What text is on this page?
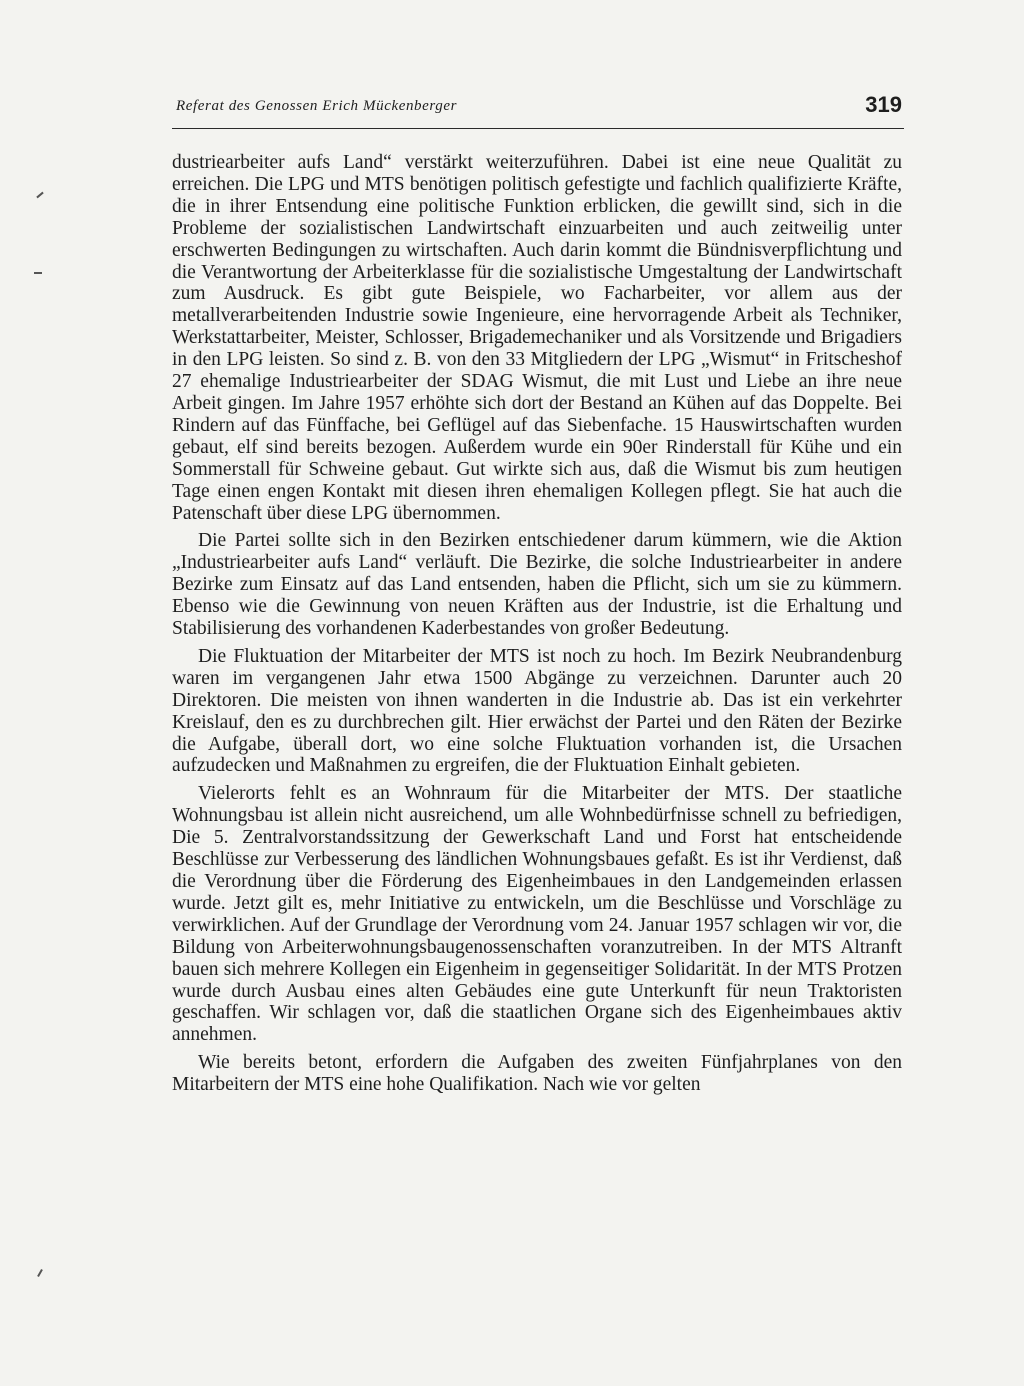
Referat des Genossen Erich Mückenberger	319

dustriearbeiter aufs Land“ verstärkt weiterzuführen. Dabei ist eine neue Qualität zu erreichen. Die LPG und MTS benötigen politisch gefestigte und fachlich qualifizierte Kräfte, die in ihrer Entsendung eine politische Funktion erblicken, die gewillt sind, sich in die Probleme der sozialistischen Landwirtschaft einzuarbeiten und auch zeitweilig unter erschwerten Bedingungen zu wirtschaften. Auch darin kommt die Bündnisverpflichtung und die Verantwortung der Arbeiterklasse für die sozialistische Umgestaltung der Landwirtschaft zum Ausdruck. Es gibt gute Beispiele, wo Facharbeiter, vor allem aus der metallverarbeitenden Industrie sowie Ingenieure, eine hervorragende Arbeit als Techniker, Werkstattarbeiter, Meister, Schlosser, Brigademechaniker und als Vorsitzende und Brigadiers in den LPG leisten. So sind z. B. von den 33 Mitgliedern der LPG „Wismut“ in Fritscheshof 27 ehemalige Industriearbeiter der SDAG Wismut, die mit Lust und Liebe an ihre neue Arbeit gingen. Im Jahre 1957 erhöhte sich dort der Bestand an Kühen auf das Doppelte. Bei Rindern auf das Fünffache, bei Geflügel auf das Siebenfache. 15 Hauswirtschaften wurden gebaut, elf sind bereits bezogen. Außerdem wurde ein 90er Rinderstall für Kühe und ein Sommerstall für Schweine gebaut. Gut wirkte sich aus, daß die Wismut bis zum heutigen Tage einen engen Kontakt mit diesen ihren ehemaligen Kollegen pflegt. Sie hat auch die Patenschaft über diese LPG übernommen.

Die Partei sollte sich in den Bezirken entschiedener darum kümmern, wie die Aktion „Industriearbeiter aufs Land“ verläuft. Die Bezirke, die solche Industriearbeiter in andere Bezirke zum Einsatz auf das Land entsenden, haben die Pflicht, sich um sie zu kümmern. Ebenso wie die Gewinnung von neuen Kräften aus der Industrie, ist die Erhaltung und Stabilisierung des vorhandenen Kaderbestandes von großer Bedeutung.

Die Fluktuation der Mitarbeiter der MTS ist noch zu hoch. Im Bezirk Neubrandenburg waren im vergangenen Jahr etwa 1500 Abgänge zu verzeichnen. Darunter auch 20 Direktoren. Die meisten von ihnen wanderten in die Industrie ab. Das ist ein verkehrter Kreislauf, den es zu durchbrechen gilt. Hier erwächst der Partei und den Räten der Bezirke die Aufgabe, überall dort, wo eine solche Fluktuation vorhanden ist, die Ursachen aufzudecken und Maßnahmen zu ergreifen, die der Fluktuation Einhalt gebieten.

Vielerorts fehlt es an Wohnraum für die Mitarbeiter der MTS. Der staatliche Wohnungsbau ist allein nicht ausreichend, um alle Wohnbedürfnisse schnell zu befriedigen, Die 5. Zentralvorstandssitzung der Gewerkschaft Land und Forst hat entscheidende Beschlüsse zur Verbesserung des ländlichen Wohnungsbaues gefaßt. Es ist ihr Verdienst, daß die Verordnung über die Förderung des Eigenheimbaues in den Landgemeinden erlassen wurde. Jetzt gilt es, mehr Initiative zu entwickeln, um die Beschlüsse und Vorschläge zu verwirklichen. Auf der Grundlage der Verordnung vom 24. Januar 1957 schlagen wir vor, die Bildung von Arbeiterwohnungsbaugenossenschaften voranzutreiben. In der MTS Altranft bauen sich mehrere Kollegen ein Eigenheim in gegenseitiger Solidarität. In der MTS Protzen wurde durch Ausbau eines alten Gebäudes eine gute Unterkunft für neun Traktoristen geschaffen. Wir schlagen vor, daß die staatlichen Organe sich des Eigenheimbaues aktiv annehmen.

Wie bereits betont, erfordern die Aufgaben des zweiten Fünfjahrplanes von den Mitarbeitern der MTS eine hohe Qualifikation. Nach wie vor gelten
